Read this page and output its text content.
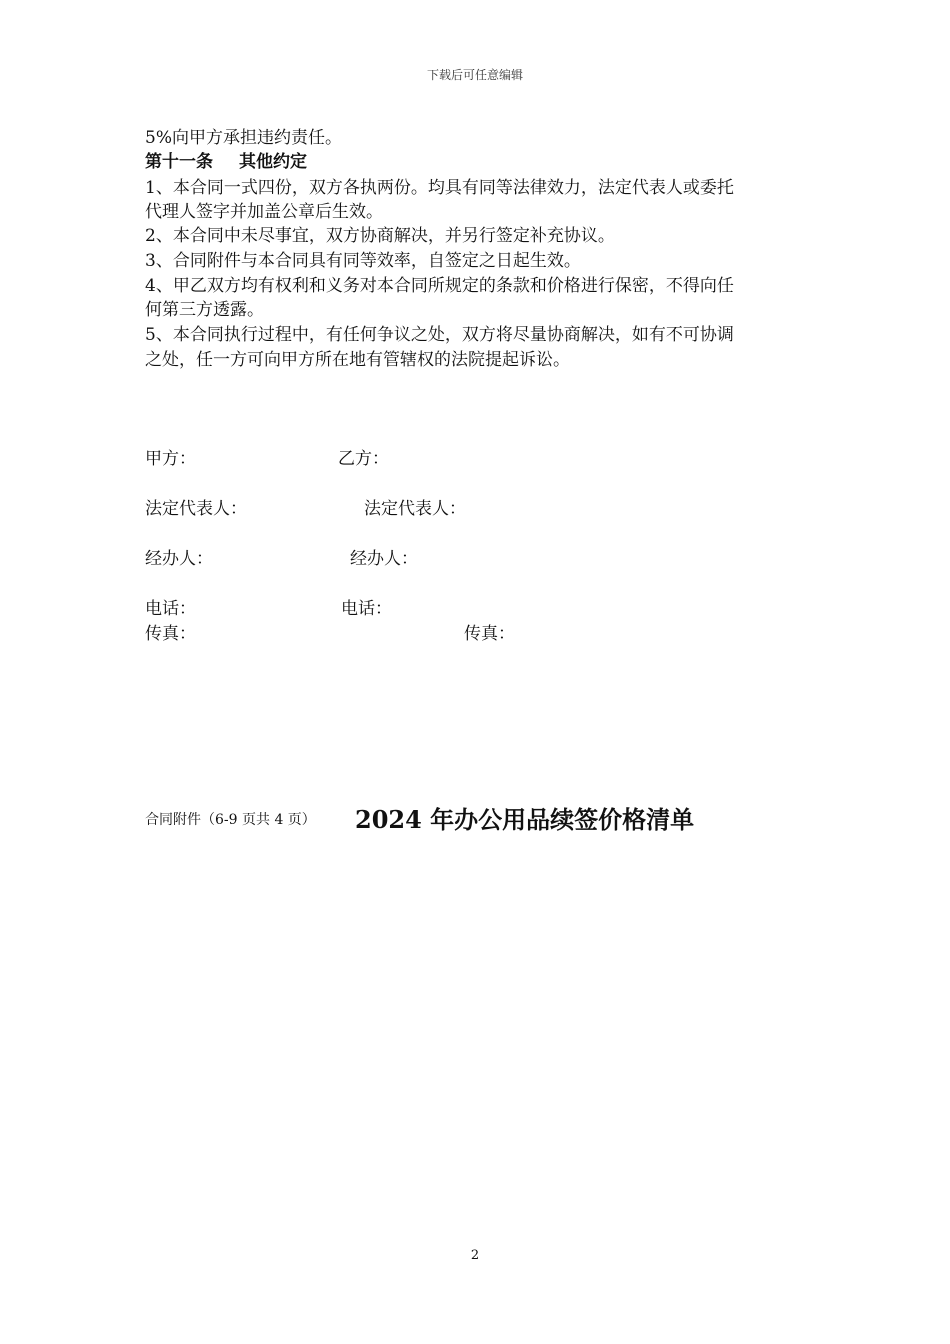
下载后可任意编辑
5%向甲方承担违约责任。
第十一条 其他约定
1、本合同一式四份，双方各执两份。均具有同等法律效力，法定代表人或委托
代理人签字并加盖公章后生效。
2、本合同中未尽事宜，双方协商解决，并另行签定补充协议。
3、合同附件与本合同具有同等效率，自签定之日起生效。
4、甲乙双方均有权利和义务对本合同所规定的条款和价格进行保密，不得向任
何第三方透露。
5、本合同执行过程中，有任何争议之处，双方将尽量协商解决，如有不可协调
之处，任一方可向甲方所在地有管辖权的法院提起诉讼。
甲方：	乙方：
法定代表人：	法定代表人：
经办人：	经办人：
电话：	电话：
传真：	传真：
合同附件（6-9 页共 4 页） 2024 年办公用品续签价格清单
2
